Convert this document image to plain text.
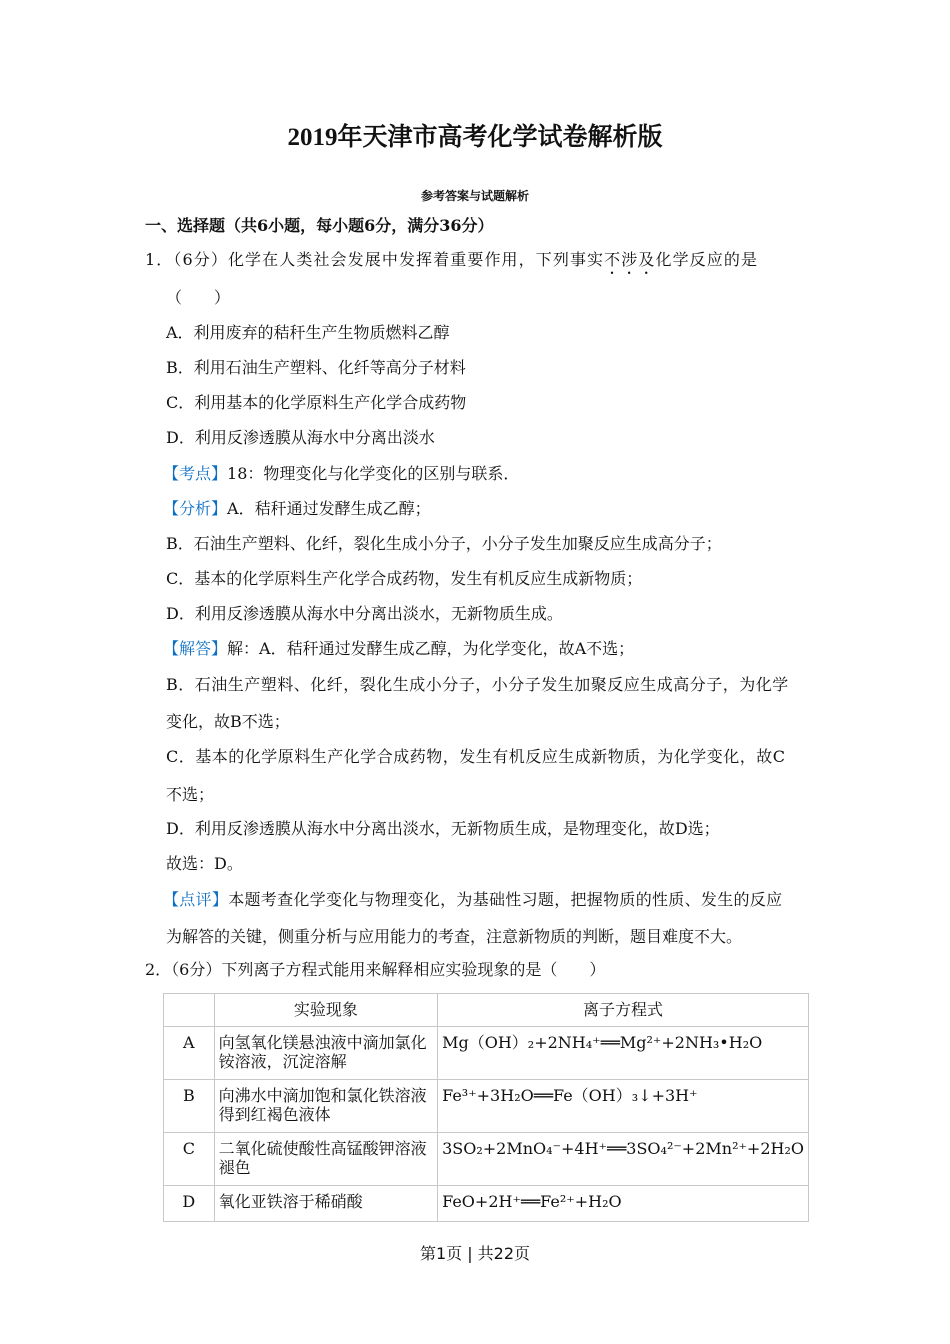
2019年天津市高考化学试卷解析版
参考答案与试题解析
一、选择题（共6小题，每小题6分，满分36分）
1．（6分）化学在人类社会发展中发挥着重要作用，下列事实不涉及化学反应的是
（　　）
A．利用废弃的秸秆生产生物质燃料乙醇
B．利用石油生产塑料、化纤等高分子材料
C．利用基本的化学原料生产化学合成药物
D．利用反渗透膜从海水中分离出淡水
【考点】18：物理变化与化学变化的区别与联系．
【分析】A．秸秆通过发酵生成乙醇；
B．石油生产塑料、化纤，裂化生成小分子，小分子发生加聚反应生成高分子；
C．基本的化学原料生产化学合成药物，发生有机反应生成新物质；
D．利用反渗透膜从海水中分离出淡水，无新物质生成。
【解答】解：A．秸秆通过发酵生成乙醇，为化学变化，故A不选；
B．石油生产塑料、化纤，裂化生成小分子，小分子发生加聚反应生成高分子，为化学
变化，故B不选；
C．基本的化学原料生产化学合成药物，发生有机反应生成新物质，为化学变化，故C
不选；
D．利用反渗透膜从海水中分离出淡水，无新物质生成，是物理变化，故D选；
故选：D。
【点评】本题考查化学变化与物理变化，为基础性习题，把握物质的性质、发生的反应
为解答的关键，侧重分析与应用能力的考查，注意新物质的判断，题目难度不大。
2．（6分）下列离子方程式能用来解释相应实验现象的是（　　）
	实验现象	离子方程式
A	向氢氧化镁悬浊液中滴加氯化铵溶液，沉淀溶解	Mg（OH）₂+2NH₄⁺══Mg²⁺+2NH₃•H₂O
B	向沸水中滴加饱和氯化铁溶液得到红褐色液体	Fe³⁺+3H₂O══Fe（OH）₃↓+3H⁺
C	二氧化硫使酸性高锰酸钾溶液褪色	3SO₂+2MnO₄⁻+4H⁺══3SO₄²⁻+2Mn²⁺+2H₂O
D	氧化亚铁溶于稀硝酸	FeO+2H⁺══Fe²⁺+H₂O
第1页 | 共22页
